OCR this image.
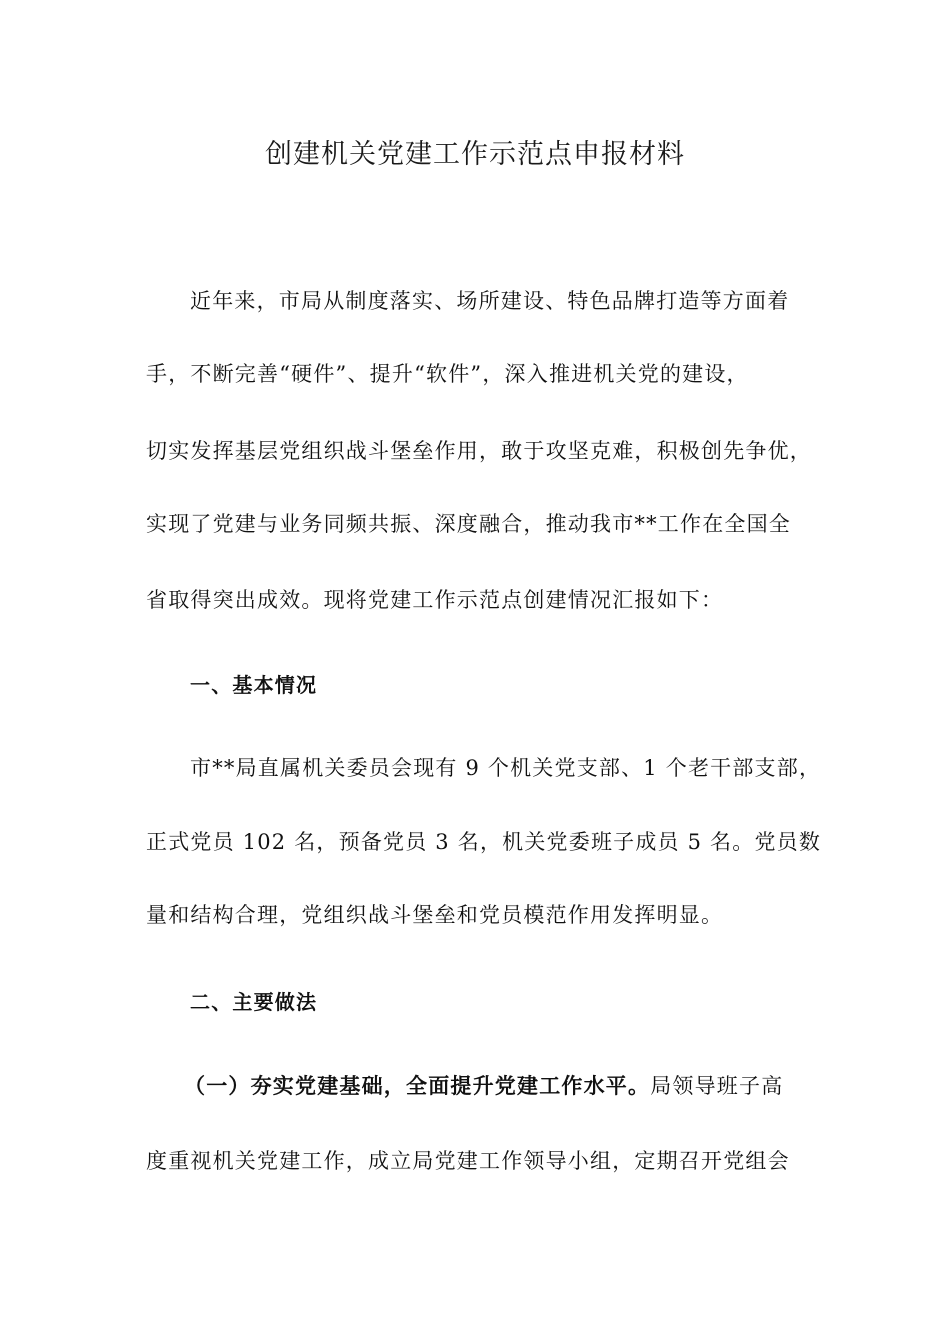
创建机关党建工作示范点申报材料
近年来，市局从制度落实、场所建设、特色品牌打造等方面着
手，不断完善“硬件”、提升“软件”，深入推进机关党的建设，
切实发挥基层党组织战斗堡垒作用，敢于攻坚克难，积极创先争优，
实现了党建与业务同频共振、深度融合，推动我市**工作在全国全
省取得突出成效。现将党建工作示范点创建情况汇报如下：
一、基本情况
市**局直属机关委员会现有 9 个机关党支部、1 个老干部支部，
正式党员 102 名，预备党员 3 名，机关党委班子成员 5 名。党员数
量和结构合理，党组织战斗堡垒和党员模范作用发挥明显。
二、主要做法
（一）夯实党建基础，全面提升党建工作水平。局领导班子高
度重视机关党建工作，成立局党建工作领导小组，定期召开党组会
